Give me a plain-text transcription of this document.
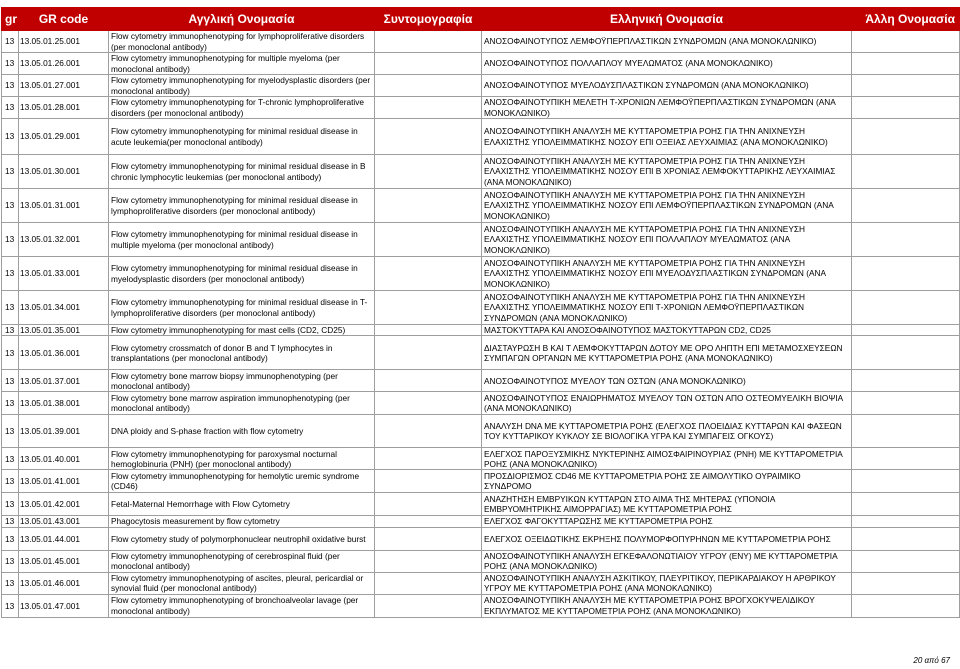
gr	GR code	Αγγλική Ονομασία	Συντομογραφία	Ελληνική Ονομασία	Άλλη Ονομασία
13	13.05.01.25.001	Flow cytometry immunophenotyping for lymphoproliferative disorders (per monoclonal antibody)		ΑΝΟΣΟΦΑΙΝΟΤΥΠΟΣ ΛΕΜΦΟΫΠΕΡΠΛΑΣΤΙΚΩΝ ΣΥΝΔΡΟΜΩΝ (ΑΝΑ ΜΟΝΟΚΛΩΝΙΚΟ)	
13	13.05.01.26.001	Flow cytometry immunophenotyping for multiple myeloma (per monoclonal antibody)		ΑΝΟΣΟΦΑΙΝΟΤΥΠΟΣ ΠΟΛΛΑΠΛΟΥ ΜΥΕΛΩΜΑΤΟΣ (ΑΝΑ ΜΟΝΟΚΛΩΝΙΚΟ)	
13	13.05.01.27.001	Flow cytometry immunophenotyping for myelodysplastic disorders (per monoclonal antibody)		ΑΝΟΣΟΦΑΙΝΟΤΥΠΟΣ ΜΥΕΛΟΔΥΣΠΛΑΣΤΙΚΩΝ ΣΥΝΔΡΟΜΩΝ (ΑΝΑ ΜΟΝΟΚΛΩΝΙΚΟ)	
13	13.05.01.28.001	Flow cytometry immunophenotyping for T-chronic lymphoproliferative disorders (per monoclonal antibody)		ΑΝΟΣΟΦΑΙΝΟΤΥΠΙΚΗ ΜΕΛΕΤΗ Τ-ΧΡΟΝΙΩΝ ΛΕΜΦΟΫΠΕΡΠΛΑΣΤΙΚΩΝ ΣΥΝΔΡΟΜΩΝ (ΑΝΑ ΜΟΝΟΚΛΩΝΙΚΟ)	
13	13.05.01.29.001	Flow cytometry immunophenotyping for minimal residual disease in acute leukemia(per monoclonal antibody)		ΑΝΟΣΟΦΑΙΝΟΤΥΠΙΚΗ ΑΝΑΛΥΣΗ ΜΕ ΚΥΤΤΑΡΟΜΕΤΡΙΑ ΡΟΗΣ ΓΙΑ ΤΗΝ ΑΝΙΧΝΕΥΣΗ ΕΛΑΧΙΣΤΗΣ ΥΠΟΛΕΙΜΜΑΤΙΚΗΣ ΝΟΣΟΥ ΕΠΙ ΟΞΕΙΑΣ ΛΕΥΧΑΙΜΙΑΣ (ΑΝΑ ΜΟΝΟΚΛΩΝΙΚΟ)	
13	13.05.01.30.001	Flow cytometry immunophenotyping for minimal residual disease in B chronic lymphocytic leukemias (per monoclonal antibody)		ΑΝΟΣΟΦΑΙΝΟΤΥΠΙΚΗ ΑΝΑΛΥΣΗ ΜΕ ΚΥΤΤΑΡΟΜΕΤΡΙΑ ΡΟΗΣ ΓΙΑ ΤΗΝ ΑΝΙΧΝΕΥΣΗ ΕΛΑΧΙΣΤΗΣ ΥΠΟΛΕΙΜΜΑΤΙΚΗΣ ΝΟΣΟΥ ΕΠΙ Β ΧΡΟΝΙΑΣ ΛΕΜΦΟΚΥΤΤΑΡΙΚΗΣ ΛΕΥΧΑΙΜΙΑΣ (ΑΝΑ ΜΟΝΟΚΛΩΝΙΚΟ)	
13	13.05.01.31.001	Flow cytometry immunophenotyping for minimal residual disease in lymphoproliferative disorders (per monoclonal antibody)		ΑΝΟΣΟΦΑΙΝΟΤΥΠΙΚΗ ΑΝΑΛΥΣΗ ΜΕ ΚΥΤΤΑΡΟΜΕΤΡΙΑ ΡΟΗΣ ΓΙΑ ΤΗΝ ΑΝΙΧΝΕΥΣΗ ΕΛΑΧΙΣΤΗΣ ΥΠΟΛΕΙΜΜΑΤΙΚΗΣ ΝΟΣΟΥ ΕΠΙ ΛΕΜΦΟΫΠΕΡΠΛΑΣΤΙΚΩΝ ΣΥΝΔΡΟΜΩΝ (ΑΝΑ ΜΟΝΟΚΛΩΝΙΚΟ)	
13	13.05.01.32.001	Flow cytometry immunophenotyping for minimal residual disease in multiple myeloma (per monoclonal antibody)		ΑΝΟΣΟΦΑΙΝΟΤΥΠΙΚΗ ΑΝΑΛΥΣΗ ΜΕ ΚΥΤΤΑΡΟΜΕΤΡΙΑ ΡΟΗΣ ΓΙΑ ΤΗΝ ΑΝΙΧΝΕΥΣΗ ΕΛΑΧΙΣΤΗΣ ΥΠΟΛΕΙΜΜΑΤΙΚΗΣ ΝΟΣΟΥ ΕΠΙ ΠΟΛΛΑΠΛΟΥ ΜΥΕΛΩΜΑΤΟΣ (ΑΝΑ ΜΟΝΟΚΛΩΝΙΚΟ)	
13	13.05.01.33.001	Flow cytometry immunophenotyping for minimal residual disease in myelodysplastic disorders (per monoclonal antibody)		ΑΝΟΣΟΦΑΙΝΟΤΥΠΙΚΗ ΑΝΑΛΥΣΗ ΜΕ ΚΥΤΤΑΡΟΜΕΤΡΙΑ ΡΟΗΣ ΓΙΑ ΤΗΝ ΑΝΙΧΝΕΥΣΗ ΕΛΑΧΙΣΤΗΣ ΥΠΟΛΕΙΜΜΑΤΙΚΗΣ ΝΟΣΟΥ ΕΠΙ ΜΥΕΛΟΔΥΣΠΛΑΣΤΙΚΩΝ ΣΥΝΔΡΟΜΩΝ (ΑΝΑ ΜΟΝΟΚΛΩΝΙΚΟ)	
13	13.05.01.34.001	Flow cytometry immunophenotyping for minimal residual disease in T-lymphoproliferative disorders (per monoclonal antibody)		ΑΝΟΣΟΦΑΙΝΟΤΥΠΙΚΗ ΑΝΑΛΥΣΗ ΜΕ ΚΥΤΤΑΡΟΜΕΤΡΙΑ ΡΟΗΣ ΓΙΑ ΤΗΝ ΑΝΙΧΝΕΥΣΗ ΕΛΑΧΙΣΤΗΣ ΥΠΟΛΕΙΜΜΑΤΙΚΗΣ ΝΟΣΟΥ ΕΠΙ Τ-ΧΡΟΝΙΩΝ ΛΕΜΦΟΫΠΕΡΠΛΑΣΤΙΚΩΝ ΣΥΝΔΡΟΜΩΝ (ΑΝΑ ΜΟΝΟΚΛΩΝΙΚΟ)	
13	13.05.01.35.001	Flow cytometry immunophenotyping for mast cells (CD2, CD25)		ΜΑΣΤΟΚΥΤΤΑΡΑ ΚΑΙ ΑΝΟΣΟΦΑΙΝΟΤΥΠΟΣ ΜΑΣΤΟΚΥΤΤΑΡΩΝ CD2, CD25	
13	13.05.01.36.001	Flow cytometry crossmatch of donor B and T lymphocytes in transplantations (per monoclonal antibody)		ΔΙΑΣΤΑΥΡΩΣΗ Β ΚΑΙ Τ ΛΕΜΦΟΚΥΤΤΑΡΩΝ ΔΟΤΟΥ ΜΕ ΟΡΟ ΛΗΠΤΗ ΕΠΙ ΜΕΤΑΜΟΣΧΕΥΣΕΩΝ ΣΥΜΠΑΓΩΝ ΟΡΓΑΝΩΝ ΜΕ ΚΥΤΤΑΡΟΜΕΤΡΙΑ ΡΟΗΣ (ΑΝΑ ΜΟΝΟΚΛΩΝΙΚΟ)	
13	13.05.01.37.001	Flow cytometry bone marrow biopsy immunophenotyping (per monoclonal antibody)		ΑΝΟΣΟΦΑΙΝΟΤΥΠΟΣ ΜΥΕΛΟΥ ΤΩΝ ΟΣΤΩΝ (ΑΝΑ ΜΟΝΟΚΛΩΝΙΚΟ)	
13	13.05.01.38.001	Flow cytometry bone marrow aspiration immunophenotyping (per monoclonal antibody)		ΑΝΟΣΟΦΑΙΝΟΤΥΠΟΣ ΕΝΑΙΩΡΗΜΑΤΟΣ ΜΥΕΛΟΥ ΤΩΝ ΟΣΤΩΝ ΑΠΟ ΟΣΤΕΟΜΥΕΛΙΚΗ ΒΙΟΨΙΑ (ΑΝΑ ΜΟΝΟΚΛΩΝΙΚΟ)	
13	13.05.01.39.001	DNA ploidy and S-phase fraction with flow cytometry		ΑΝΑΛΥΣΗ DNA ΜΕ ΚΥΤΤΑΡΟΜΕΤΡΙΑ ΡΟΗΣ (ΕΛΕΓΧΟΣ ΠΛΟΕΙΔΙΑΣ ΚΥΤΤΑΡΩΝ ΚΑΙ ΦΑΣΕΩΝ ΤΟΥ ΚΥΤΤΑΡΙΚΟΥ ΚΥΚΛΟΥ ΣΕ ΒΙΟΛΟΓΙΚΑ ΥΓΡΑ ΚΑΙ ΣΥΜΠΑΓΕΙΣ ΟΓΚΟΥΣ)	
13	13.05.01.40.001	Flow cytometry immunophenotyping for paroxysmal nocturnal hemoglobinuria (PNH) (per monoclonal antibody)		ΕΛΕΓΧΟΣ ΠΑΡΟΞΥΣΜΙΚΗΣ ΝΥΚΤΕΡΙΝΗΣ ΑΙΜΟΣΦΑΙΡΙΝΟΥΡΙΑΣ (PNH) ΜΕ ΚΥΤΤΑΡΟΜΕΤΡΙΑ ΡΟΗΣ (ΑΝΑ ΜΟΝΟΚΛΩΝΙΚΟ)	
13	13.05.01.41.001	Flow cytometry immunophenotyping for hemolytic uremic syndrome (CD46)		ΠΡΟΣΔΙΟΡΙΣΜΟΣ CD46 ΜΕ ΚΥΤΤΑΡΟΜΕΤΡΙΑ ΡΟΗΣ ΣΕ ΑΙΜΟΛΥΤΙΚΟ ΟΥΡΑΙΜΙΚΟ ΣΥΝΔΡΟΜΟ	
13	13.05.01.42.001	Fetal-Maternal Hemorrhage with Flow Cytometry		ΑΝΑΖΗΤΗΣΗ ΕΜΒΡΥΙΚΩΝ ΚΥΤΤΑΡΩΝ ΣΤΟ ΑΙΜΑ ΤΗΣ ΜΗΤΕΡΑΣ (ΥΠΟΝΟΙΑ ΕΜΒΡΥΟΜΗΤΡΙΚΗΣ ΑΙΜΟΡΡΑΓΙΑΣ) ΜΕ ΚΥΤΤΑΡΟΜΕΤΡΙΑ ΡΟΗΣ	
13	13.05.01.43.001	Phagocytosis measurement by flow cytometry		ΕΛΕΓΧΟΣ ΦΑΓΟΚΥΤΤΑΡΩΣΗΣ ΜΕ ΚΥΤΤΑΡΟΜΕΤΡΙΑ ΡΟΗΣ	
13	13.05.01.44.001	Flow cytometry study of polymorphonuclear neutrophil oxidative burst		ΕΛΕΓΧΟΣ ΟΞΕΙΔΩΤΙΚΗΣ ΕΚΡΗΞΗΣ ΠΟΛΥΜΟΡΦΟΠΥΡΗΝΩΝ ΜΕ ΚΥΤΤΑΡΟΜΕΤΡΙΑ ΡΟΗΣ	
13	13.05.01.45.001	Flow cytometry immunophenotyping of cerebrospinal fluid (per monoclonal antibody)		ΑΝΟΣΟΦΑΙΝΟΤΥΠΙΚΗ ΑΝΑΛΥΣΗ ΕΓΚΕΦΑΛΟΝΩΤΙΑΙΟΥ ΥΓΡΟΥ (ΕΝΥ) ΜΕ ΚΥΤΤΑΡΟΜΕΤΡΙΑ ΡΟΗΣ (ΑΝΑ ΜΟΝΟΚΛΩΝΙΚΟ)	
13	13.05.01.46.001	Flow cytometry immunophenotyping of ascites, pleural, pericardial or synovial fluid (per monoclonal antibody)		ΑΝΟΣΟΦΑΙΝΟΤΥΠΙΚΗ ΑΝΑΛΥΣΗ ΑΣΚΙΤΙΚΟΥ, ΠΛΕΥΡΙΤΙΚΟΥ, ΠΕΡΙΚΑΡΔΙΑΚΟΥ Η ΑΡΘΡΙΚΟΥ ΥΓΡΟΥ ΜΕ ΚΥΤΤΑΡΟΜΕΤΡΙΑ ΡΟΗΣ (ΑΝΑ ΜΟΝΟΚΛΩΝΙΚΟ)	
13	13.05.01.47.001	Flow cytometry immunophenotyping of bronchoalveolar lavage (per monoclonal antibody)		ΑΝΟΣΟΦΑΙΝΟΤΥΠΙΚΗ ΑΝΑΛΥΣΗ ΜΕ ΚΥΤΤΑΡΟΜΕΤΡΙΑ ΡΟΗΣ ΒΡΟΓΧΟΚΥΨΕΛΙΔΙΚΟΥ ΕΚΠΛΥΜΑΤΟΣ ΜΕ ΚΥΤΤΑΡΟΜΕΤΡΙΑ ΡΟΗΣ (ΑΝΑ ΜΟΝΟΚΛΩΝΙΚΟ)	
20 από 67
